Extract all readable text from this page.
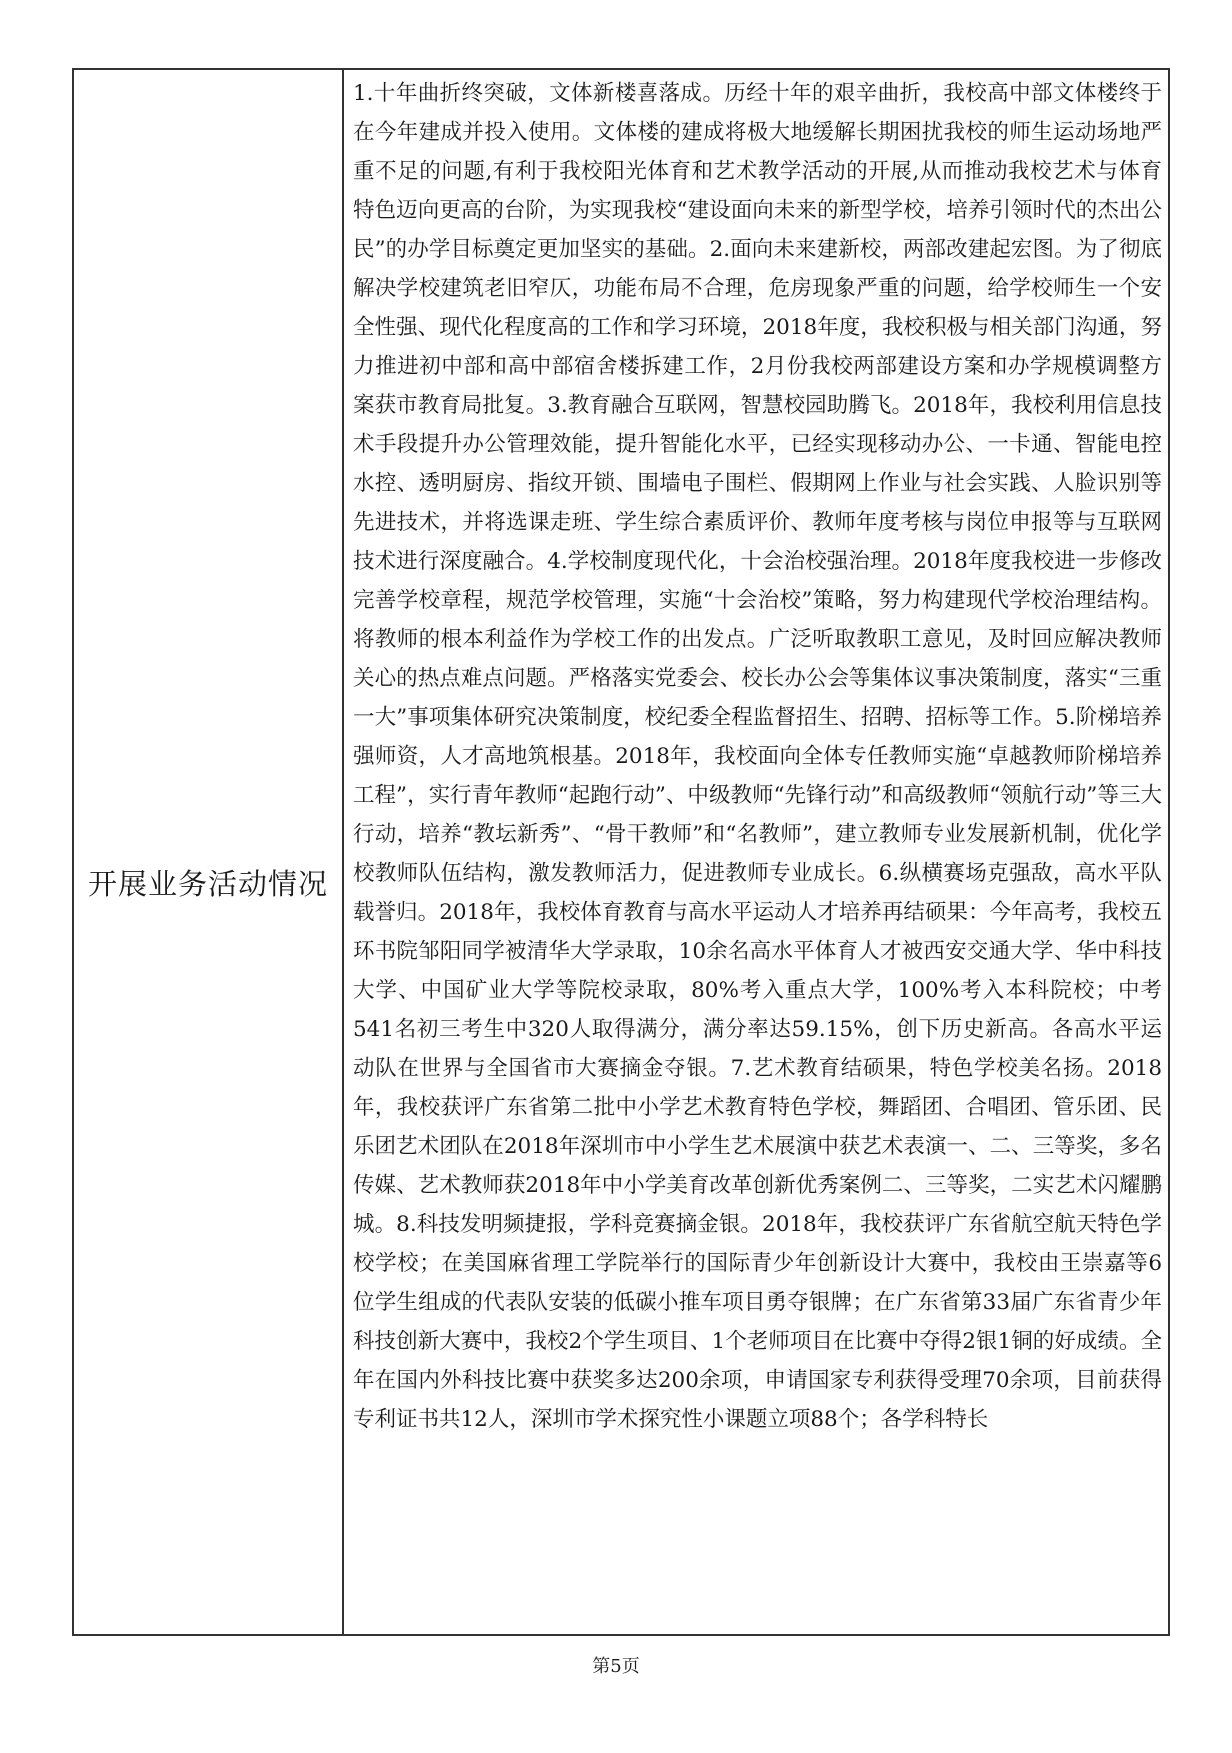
开展业务活动情况

1.十年曲折终突破，文体新楼喜落成。历经十年的艰辛曲折，我校高中部文体楼终于在今年建成并投入使用。文体楼的建成将极大地缓解长期困扰我校的师生运动场地严重不足的问题,有利于我校阳光体育和艺术教学活动的开展,从而推动我校艺术与体育特色迈向更高的台阶，为实现我校“建设面向未来的新型学校，培养引领时代的杰出公民”的办学目标奠定更加坚实的基础。2.面向未来建新校，两部改建起宏图。为了彻底解决学校建筑老旧窄仄，功能布局不合理，危房现象严重的问题，给学校师生一个安全性强、现代化程度高的工作和学习环境，2018年度，我校积极与相关部门沟通，努力推进初中部和高中部宿舍楼拆建工作，2月份我校两部建设方案和办学规模调整方案获市教育局批复。3.教育融合互联网，智慧校园助腾飞。2018年，我校利用信息技术手段提升办公管理效能，提升智能化水平，已经实现移动办公、一卡通、智能电控水控、透明厨房、指纹开锁、围墙电子围栏、假期网上作业与社会实践、人脸识别等先进技术，并将选课走班、学生综合素质评价、教师年度考核与岗位申报等与互联网技术进行深度融合。4.学校制度现代化，十会治校强治理。2018年度我校进一步修改完善学校章程，规范学校管理，实施“十会治校”策略，努力构建现代学校治理结构。将教师的根本利益作为学校工作的出发点。广泛听取教职工意见，及时回应解决教师关心的热点难点问题。严格落实党委会、校长办公会等集体议事决策制度，落实“三重一大”事项集体研究决策制度，校纪委全程监督招生、招聘、招标等工作。5.阶梯培养强师资，人才高地筑根基。2018年，我校面向全体专任教师实施“卓越教师阶梯培养工程”，实行青年教师“起跑行动”、中级教师“先锋行动”和高级教师“领航行动”等三大行动，培养“教坛新秀”、“骨干教师”和“名教师”，建立教师专业发展新机制，优化学校教师队伍结构，激发教师活力，促进教师专业成长。6.纵横赛场克强敌，高水平队载誉归。2018年，我校体育教育与高水平运动人才培养再结硕果：今年高考，我校五环书院邹阳同学被清华大学录取，10余名高水平体育人才被西安交通大学、华中科技大学、中国矿业大学等院校录取，80%考入重点大学，100%考入本科院校；中考541名初三考生中320人取得满分，满分率达59.15%，创下历史新高。各高水平运动队在世界与全国省市大赛摘金夺银。7.艺术教育结硕果，特色学校美名扬。2018年，我校获评广东省第二批中小学艺术教育特色学校，舞蹈团、合唱团、管乐团、民乐团艺术团队在2018年深圳市中小学生艺术展演中获艺术表演一、二、三等奖，多名传媒、艺术教师获2018年中小学美育改革创新优秀案例二、三等奖，二实艺术闪耀鹏城。8.科技发明频捷报，学科竞赛摘金银。2018年，我校获评广东省航空航天特色学校学校；在美国麻省理工学院举行的国际青少年创新设计大赛中，我校由王崇嘉等6位学生组成的代表队安装的低碳小推车项目勇夺银牌；在广东省第33届广东省青少年科技创新大赛中，我校2个学生项目、1个老师项目在比赛中夺得2银1铜的好成绩。全年在国内外科技比赛中获奖多达200余项，申请国家专利获得受理70余项，目前获得专利证书共12人，深圳市学术探究性小课题立项88个；各学科特长

第5页
